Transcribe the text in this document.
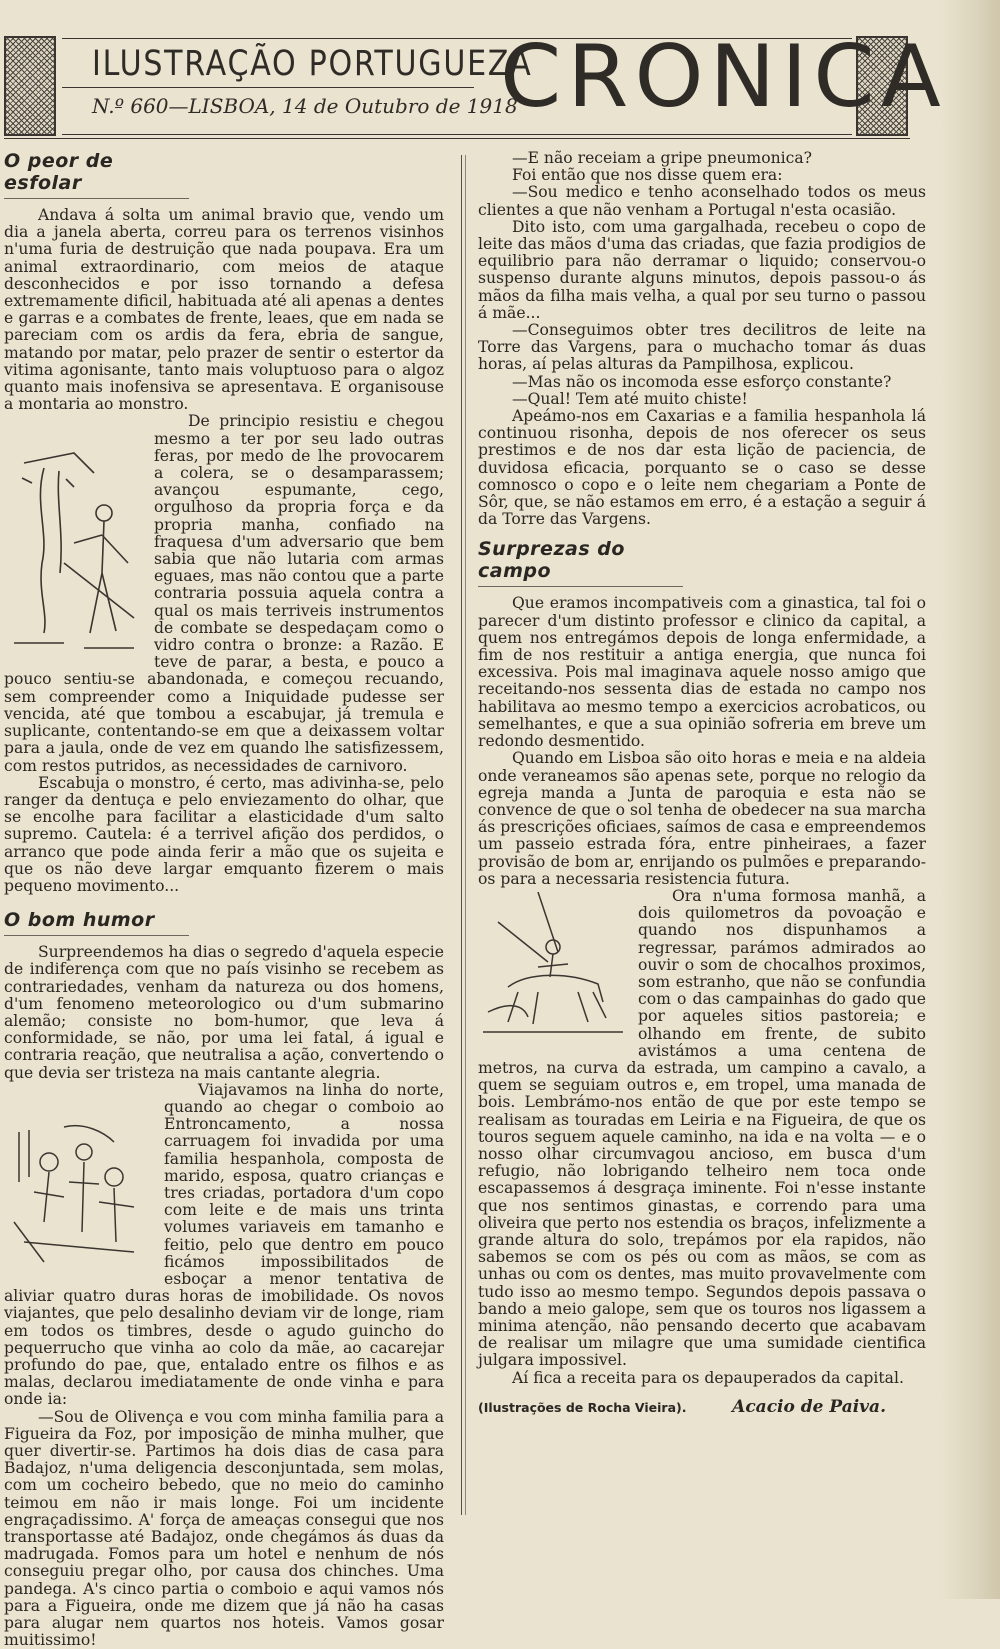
ILUSTRAÇÃO PORTUGUEZA
N.º 660—LISBOA, 14 de Outubro de 1918
CRONICA
O peor de esfolar

Andava á solta um animal bravio que, vendo um dia a janela aberta, correu para os terrenos visinhos n'uma furia de destruição que nada poupava. Era um animal extraordinario, com meios de ataque desconhecidos e por isso tornando a defesa extremamente dificil, habituada até ali apenas a dentes e garras e a combates de frente, leaes, que em nada se pareciam com os ardis da fera, ebria de sangue, matando por matar, pelo prazer de sentir o estertor da vitima agonisante, tanto mais voluptuoso para o algoz quanto mais inofensiva se apresentava. E organisouse a montaria ao monstro.

De principio resistiu e chegou mesmo a ter por seu lado outras feras, por medo de lhe provocarem a colera, se o desamparassem; avançou espumante, cego, orgulhoso da propria força e da propria manha, confiado na fraquesa d'um adversario que bem sabia que não lutaria com armas eguaes, mas não contou que a parte contraria possuia aquela contra a qual os mais terriveis instrumentos de combate se despedaçam como o vidro contra o bronze: a Razão. E teve de parar, a besta, e pouco a pouco sentiu-se abandonada, e começou recuando, sem compreender como a Iniquidade pudesse ser vencida, até que tombou a escabujar, já tremula e suplicante, contentando-se em que a deixassem voltar para a jaula, onde de vez em quando lhe satisfizessem, com restos putridos, as necessidades de carnivoro.

Escabuja o monstro, é certo, mas adivinha-se, pelo ranger da dentuça e pelo enviezamento do olhar, que se encolhe para facilitar a elasticidade d'um salto supremo. Cautela: é a terrivel afição dos perdidos, o arranco que pode ainda ferir a mão que os sujeita e que os não deve largar emquanto fizerem o mais pequeno movimento...

O bom humor

Surpreendemos ha dias o segredo d'aquela especie de indiferença com que no país visinho se recebem as contrariedades, venham da natureza ou dos homens, d'um fenomeno meteorologico ou d'um submarino alemão; consiste no bom-humor, que leva á conformidade, se não, por uma lei fatal, á igual e contraria reação, que neutralisa a ação, convertendo o que devia ser tristeza na mais cantante alegria.

Viajavamos na linha do norte, quando ao chegar o comboio ao Entroncamento, a nossa carruagem foi invadida por uma familia hespanhola, composta de marido, esposa, quatro crianças e tres criadas, portadora d'um copo com leite e de mais uns trinta volumes variaveis em tamanho e feitio, pelo que dentro em pouco ficámos impossibilitados de esboçar a menor tentativa de aliviar quatro duras horas de imobilidade. Os novos viajantes, que pelo desalinho deviam vir de longe, riam em todos os timbres, desde o agudo guincho do pequerrucho que vinha ao colo da mãe, ao cacarejar profundo do pae, que, entalado entre os filhos e as malas, declarou imediatamente de onde vinha e para onde ia:

—Sou de Olivença e vou com minha familia para a Figueira da Foz, por imposição de minha mulher, que quer divertir-se. Partimos ha dois dias de casa para Badajoz, n'uma deligencia desconjuntada, sem molas, com um cocheiro bebedo, que no meio do caminho teimou em não ir mais longe. Foi um incidente engraçadissimo. A' força de ameaças consegui que nos transportasse até Badajoz, onde chegámos ás duas da madrugada. Fomos para um hotel e nenhum de nós conseguiu pregar olho, por causa dos chinches. Uma pandega. A's cinco partia o comboio e aqui vamos nós para a Figueira, onde me dizem que já não ha casas para alugar nem quartos nos hoteis. Vamos gosar muitissimo!

—E não receiam a gripe pneumonica?

Foi então que nos disse quem era:

—Sou medico e tenho aconselhado todos os meus clientes a que não venham a Portugal n'esta ocasião.

Dito isto, com uma gargalhada, recebeu o copo de leite das mãos d'uma das criadas, que fazia prodigios de equilibrio para não derramar o liquido; conservou-o suspenso durante alguns minutos, depois passou-o ás mãos da filha mais velha, a qual por seu turno o passou á mãe...

—Conseguimos obter tres decilitros de leite na Torre das Vargens, para o muchacho tomar ás duas horas, aí pelas alturas da Pampilhosa, explicou.

—Mas não os incomoda esse esforço constante?

—Qual! Tem até muito chiste!

Apeámo-nos em Caxarias e a familia hespanhola lá continuou risonha, depois de nos oferecer os seus prestimos e de nos dar esta lição de paciencia, de duvidosa eficacia, porquanto se o caso se desse comnosco o copo e o leite nem chegariam a Ponte de Sôr, que, se não estamos em erro, é a estação a seguir á da Torre das Vargens.

Surprezas do campo

Que eramos incompativeis com a ginastica, tal foi o parecer d'um distinto professor e clinico da capital, a quem nos entregámos depois de longa enfermidade, a fim de nos restituir a antiga energia, que nunca foi excessiva. Pois mal imaginava aquele nosso amigo que receitando-nos sessenta dias de estada no campo nos habilitava ao mesmo tempo a exercicios acrobaticos, ou semelhantes, e que a sua opinião sofreria em breve um redondo desmentido.

Quando em Lisboa são oito horas e meia e na aldeia onde veraneamos são apenas sete, porque no relogio da egreja manda a Junta de paroquia e esta não se convence de que o sol tenha de obedecer na sua marcha ás prescrições oficiaes, saímos de casa e empreendemos um passeio estrada fóra, entre pinheiraes, a fazer provisão de bom ar, enrijando os pulmões e preparando-os para a necessaria resistencia futura.

Ora n'uma formosa manhã, a dois quilometros da povoação e quando nos dispunhamos a regressar, parámos admirados ao ouvir o som de chocalhos proximos, som estranho, que não se confundia com o das campainhas do gado que por aqueles sitios pastoreia; e olhando em frente, de subito avistámos a uma centena de metros, na curva da estrada, um campino a cavalo, a quem se seguiam outros e, em tropel, uma manada de bois. Lembrámo-nos então de que por este tempo se realisam as touradas em Leiria e na Figueira, de que os touros seguem aquele caminho, na ida e na volta — e o nosso olhar circumvagou ancioso, em busca d'um refugio, não lobrigando telheiro nem toca onde escapassemos á desgraça iminente. Foi n'esse instante que nos sentimos ginastas, e correndo para uma oliveira que perto nos estendia os braços, infelizmente a grande altura do solo, trepámos por ela rapidos, não sabemos se com os pés ou com as mãos, se com as unhas ou com os dentes, mas muito provavelmente com tudo isso ao mesmo tempo. Segundos depois passava o bando a meio galope, sem que os touros nos ligassem a minima atenção, não pensando decerto que acabavam de realisar um milagre que uma sumidade cientifica julgara impossivel.

Aí fica a receita para os depauperados da capital.

(Ilustrações de Rocha Vieira).	Acacio de Paiva.
